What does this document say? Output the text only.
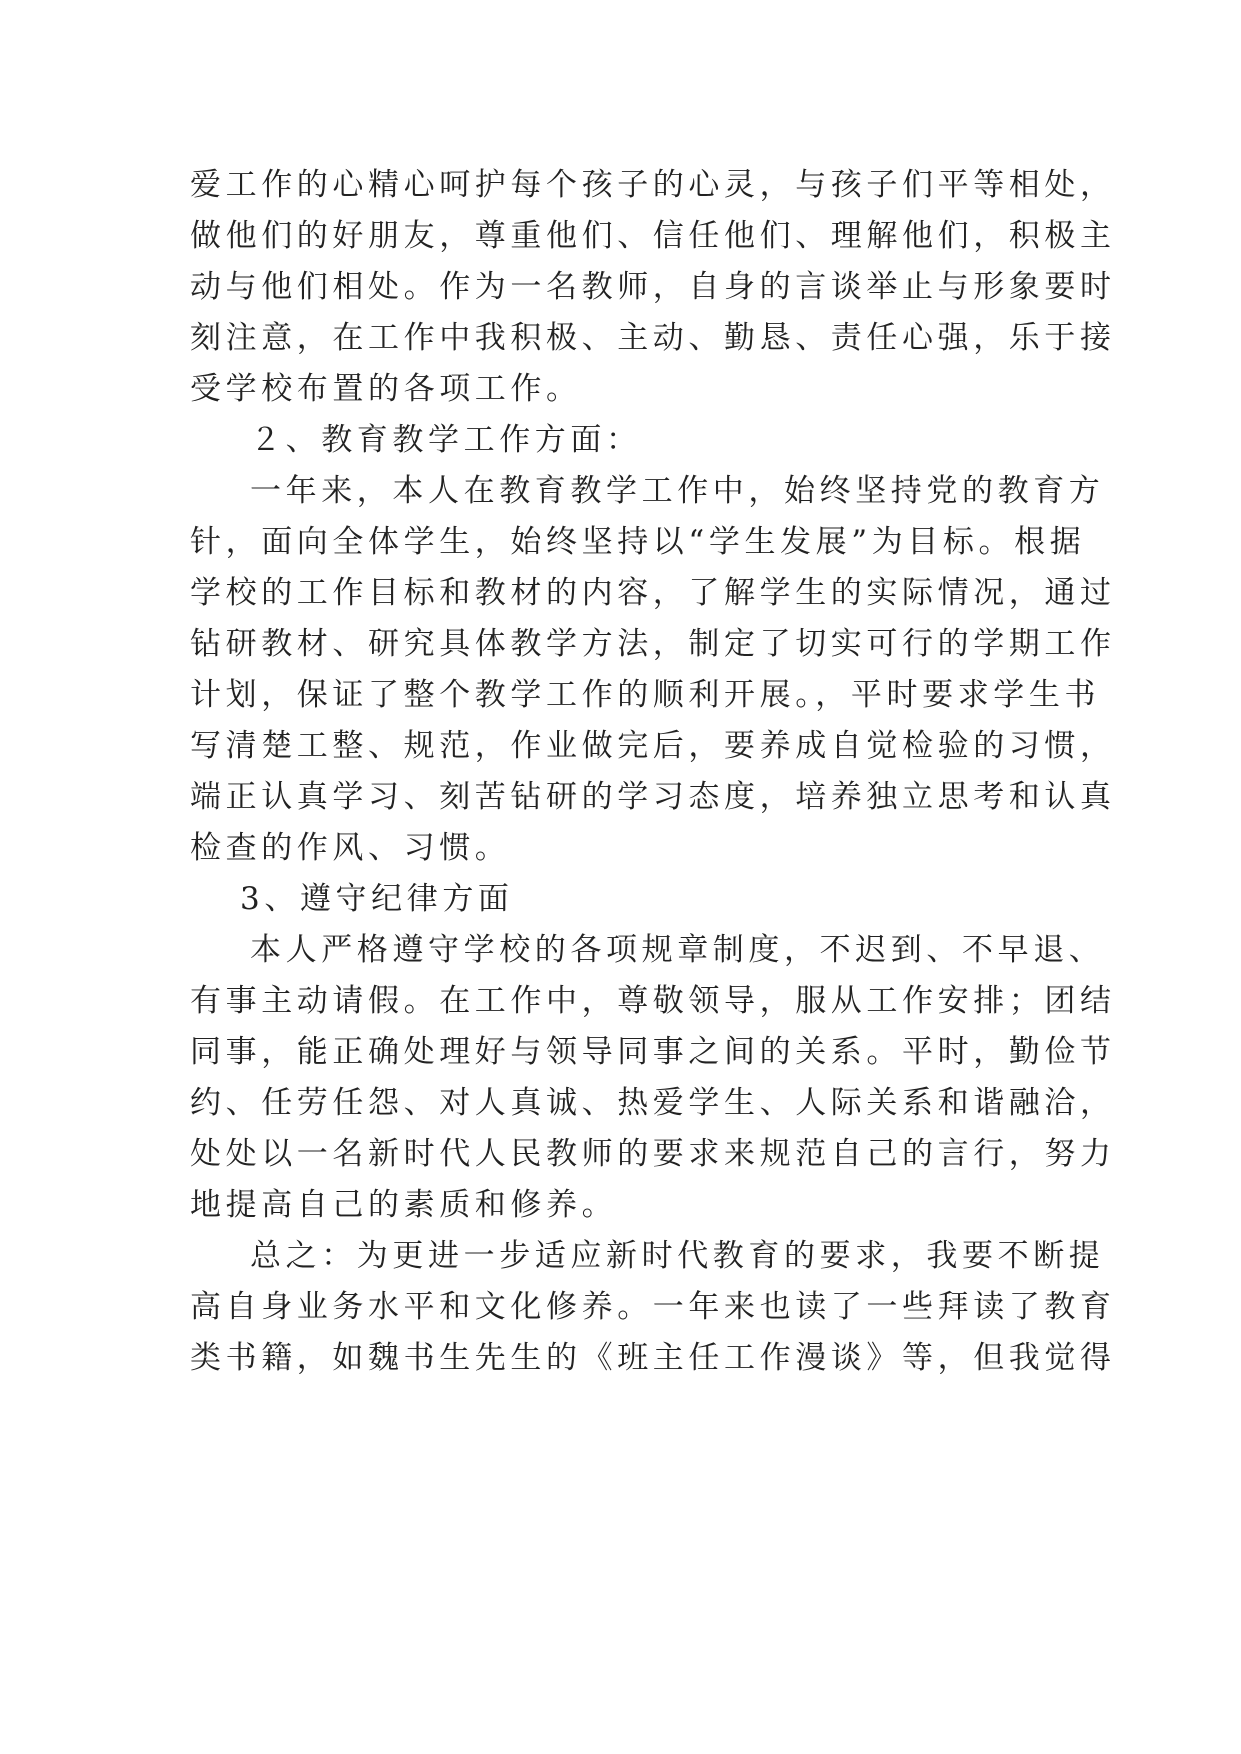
爱工作的心精心呵护每个孩子的心灵，与孩子们平等相处，
做他们的好朋友，尊重他们、信任他们、理解他们，积极主
动与他们相处。作为一名教师，自身的言谈举止与形象要时
刻注意，在工作中我积极、主动、勤恳、责任心强，乐于接
受学校布置的各项工作。
２、教育教学工作方面：
一年来，本人在教育教学工作中，始终坚持党的教育方
针，面向全体学生，始终坚持以“学生发展”为目标。根据
学校的工作目标和教材的内容，了解学生的实际情况，通过
钻研教材、研究具体教学方法，制定了切实可行的学期工作
计划，保证了整个教学工作的顺利开展。，平时要求学生书
写清楚工整、规范，作业做完后，要养成自觉检验的习惯，
端正认真学习、刻苦钻研的学习态度，培养独立思考和认真
检查的作风、习惯。
3、遵守纪律方面
本人严格遵守学校的各项规章制度，不迟到、不早退、
有事主动请假。在工作中，尊敬领导，服从工作安排；团结
同事，能正确处理好与领导同事之间的关系。平时，勤俭节
约、任劳任怨、对人真诚、热爱学生、人际关系和谐融洽，
处处以一名新时代人民教师的要求来规范自己的言行，努力
地提高自己的素质和修养。
总之：为更进一步适应新时代教育的要求，我要不断提
高自身业务水平和文化修养。一年来也读了一些拜读了教育
类书籍，如魏书生先生的《班主任工作漫谈》等，但我觉得
